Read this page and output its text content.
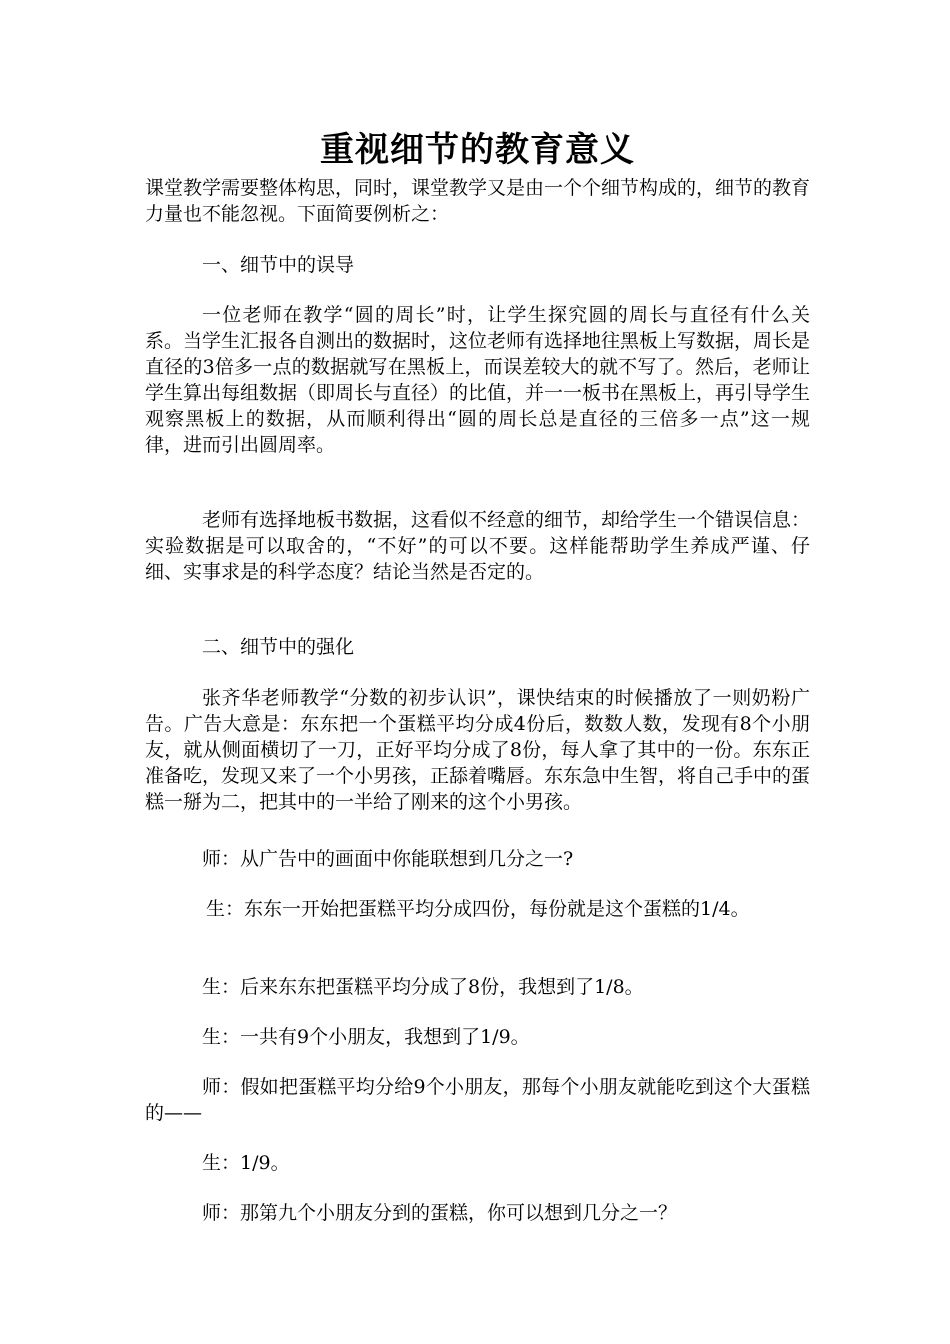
重视细节的教育意义

课堂教学需要整体构思，同时，课堂教学又是由一个个细节构成的，细节的教育力量也不能忽视。下面简要例析之：

一、细节中的误导

一位老师在教学“圆的周长”时，让学生探究圆的周长与直径有什么关系。当学生汇报各自测出的数据时，这位老师有选择地往黑板上写数据，周长是直径的3倍多一点的数据就写在黑板上，而误差较大的就不写了。然后，老师让学生算出每组数据（即周长与直径）的比值，并一一板书在黑板上，再引导学生观察黑板上的数据，从而顺利得出“圆的周长总是直径的三倍多一点”这一规律，进而引出圆周率。

老师有选择地板书数据，这看似不经意的细节，却给学生一个错误信息：实验数据是可以取舍的，“不好”的可以不要。这样能帮助学生养成严谨、仔细、实事求是的科学态度？结论当然是否定的。

二、细节中的强化

张齐华老师教学“分数的初步认识”，课快结束的时候播放了一则奶粉广告。广告大意是：东东把一个蛋糕平均分成4份后，数数人数，发现有8个小朋友，就从侧面横切了一刀，正好平均分成了8份，每人拿了其中的一份。东东正准备吃，发现又来了一个小男孩，正舔着嘴唇。东东急中生智，将自己手中的蛋糕一掰为二，把其中的一半给了刚来的这个小男孩。

师：从广告中的画面中你能联想到几分之一?

生：东东一开始把蛋糕平均分成四份，每份就是这个蛋糕的1/4。

生：后来东东把蛋糕平均分成了8份，我想到了1/8。

生：一共有9个小朋友，我想到了1/9。

师：假如把蛋糕平均分给9个小朋友，那每个小朋友就能吃到这个大蛋糕的——

生：1/9。

师：那第九个小朋友分到的蛋糕，你可以想到几分之一？
